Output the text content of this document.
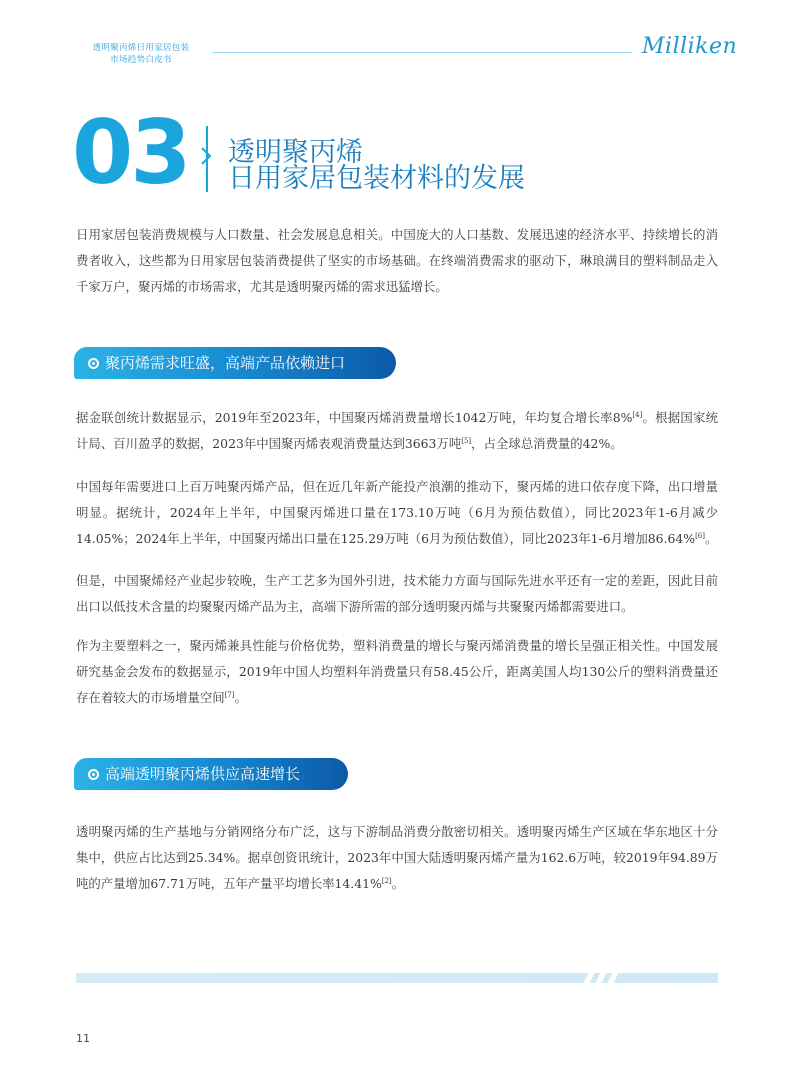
透明聚丙烯日用家居包装
市场趋势白皮书
Milliken
03 透明聚丙烯
日用家居包装材料的发展

日用家居包装消费规模与人口数量、社会发展息息相关。中国庞大的人口基数、发展迅速的经济水平、持续增长的消费者收入，这些都为日用家居包装消费提供了坚实的市场基础。在终端消费需求的驱动下，琳琅满目的塑料制品走入千家万户，聚丙烯的市场需求，尤其是透明聚丙烯的需求迅猛增长。

聚丙烯需求旺盛，高端产品依赖进口

据金联创统计数据显示，2019年至2023年，中国聚丙烯消费量增长1042万吨，年均复合增长率8%[4]。根据国家统计局、百川盈孚的数据，2023年中国聚丙烯表观消费量达到3663万吨[5]，占全球总消费量的42%。

中国每年需要进口上百万吨聚丙烯产品，但在近几年新产能投产浪潮的推动下，聚丙烯的进口依存度下降，出口增量明显。据统计，2024年上半年，中国聚丙烯进口量在173.10万吨（6月为预估数值），同比2023年1-6月减少14.05%；2024年上半年，中国聚丙烯出口量在125.29万吨（6月为预估数值），同比2023年1-6月增加86.64%[6]。

但是，中国聚烯烃产业起步较晚，生产工艺多为国外引进，技术能力方面与国际先进水平还有一定的差距，因此目前出口以低技术含量的均聚聚丙烯产品为主，高端下游所需的部分透明聚丙烯与共聚聚丙烯都需要进口。

作为主要塑料之一，聚丙烯兼具性能与价格优势，塑料消费量的增长与聚丙烯消费量的增长呈强正相关性。中国发展研究基金会发布的数据显示，2019年中国人均塑料年消费量只有58.45公斤，距离美国人均130公斤的塑料消费量还存在着较大的市场增量空间[7]。

高端透明聚丙烯供应高速增长

透明聚丙烯的生产基地与分销网络分布广泛，这与下游制品消费分散密切相关。透明聚丙烯生产区域在华东地区十分集中，供应占比达到25.34%。据卓创资讯统计，2023年中国大陆透明聚丙烯产量为162.6万吨，较2019年94.89万吨的产量增加67.71万吨，五年产量平均增长率14.41%[2]。

11
